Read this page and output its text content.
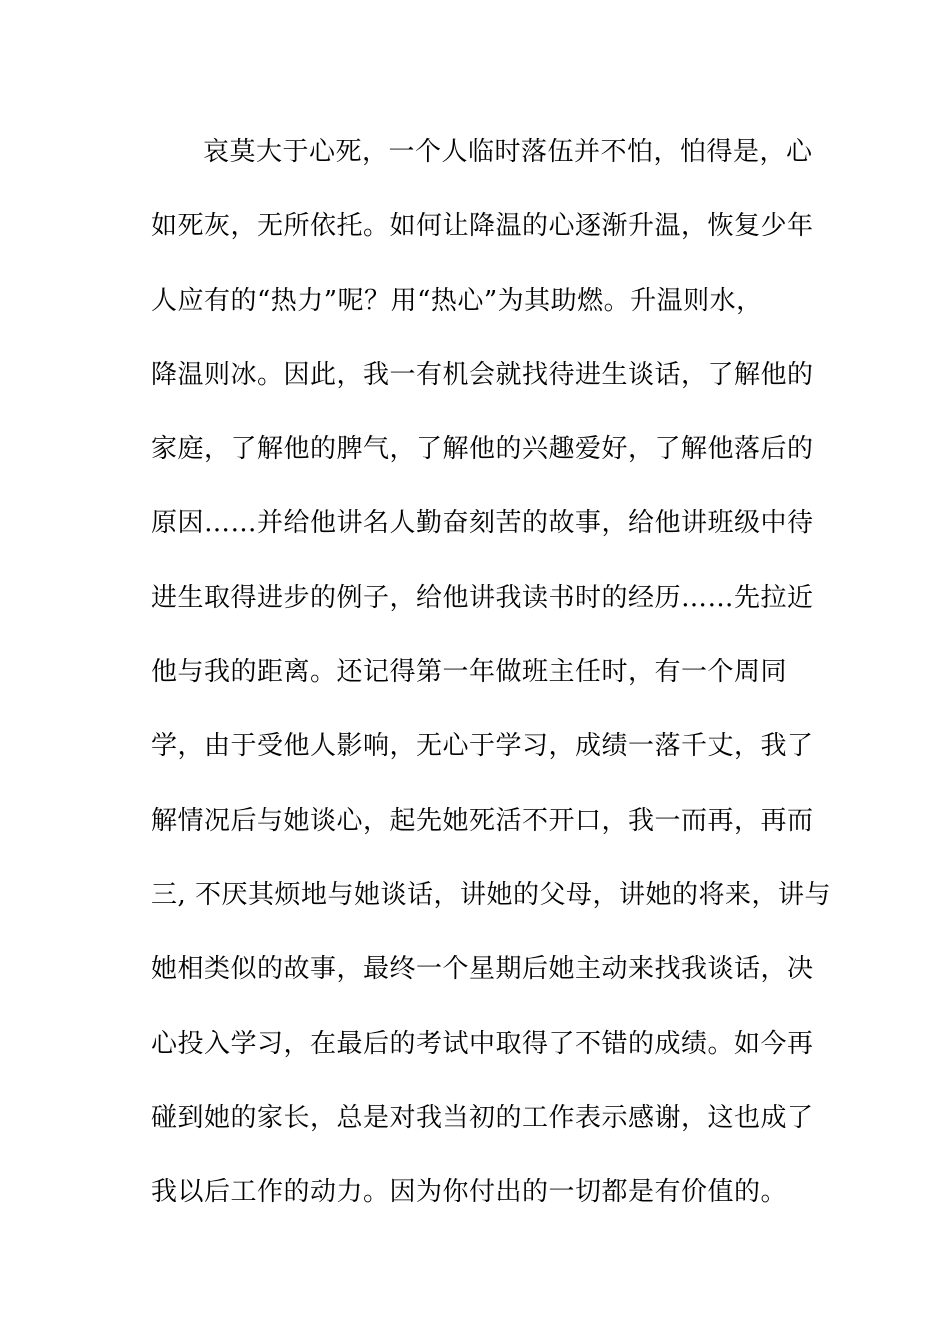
哀莫大于心死，一个人临时落伍并不怕，怕得是，心
如死灰，无所依托。如何让降温的心逐渐升温，恢复少年
人应有的“热力”呢？用“热心”为其助燃。升温则水，
降温则冰。因此，我一有机会就找待进生谈话，了解他的
家庭，了解他的脾气，了解他的兴趣爱好，了解他落后的
原因……并给他讲名人勤奋刻苦的故事，给他讲班级中待
进生取得进步的例子，给他讲我读书时的经历……先拉近
他与我的距离。还记得第一年做班主任时，有一个周同
学，由于受他人影响，无心于学习，成绩一落千丈，我了
解情况后与她谈心，起先她死活不开口，我一而再，再而
三, 不厌其烦地与她谈话，讲她的父母，讲她的将来，讲与
她相类似的故事，最终一个星期后她主动来找我谈话，决
心投入学习，在最后的考试中取得了不错的成绩。如今再
碰到她的家长，总是对我当初的工作表示感谢，这也成了
我以后工作的动力。因为你付出的一切都是有价值的。
